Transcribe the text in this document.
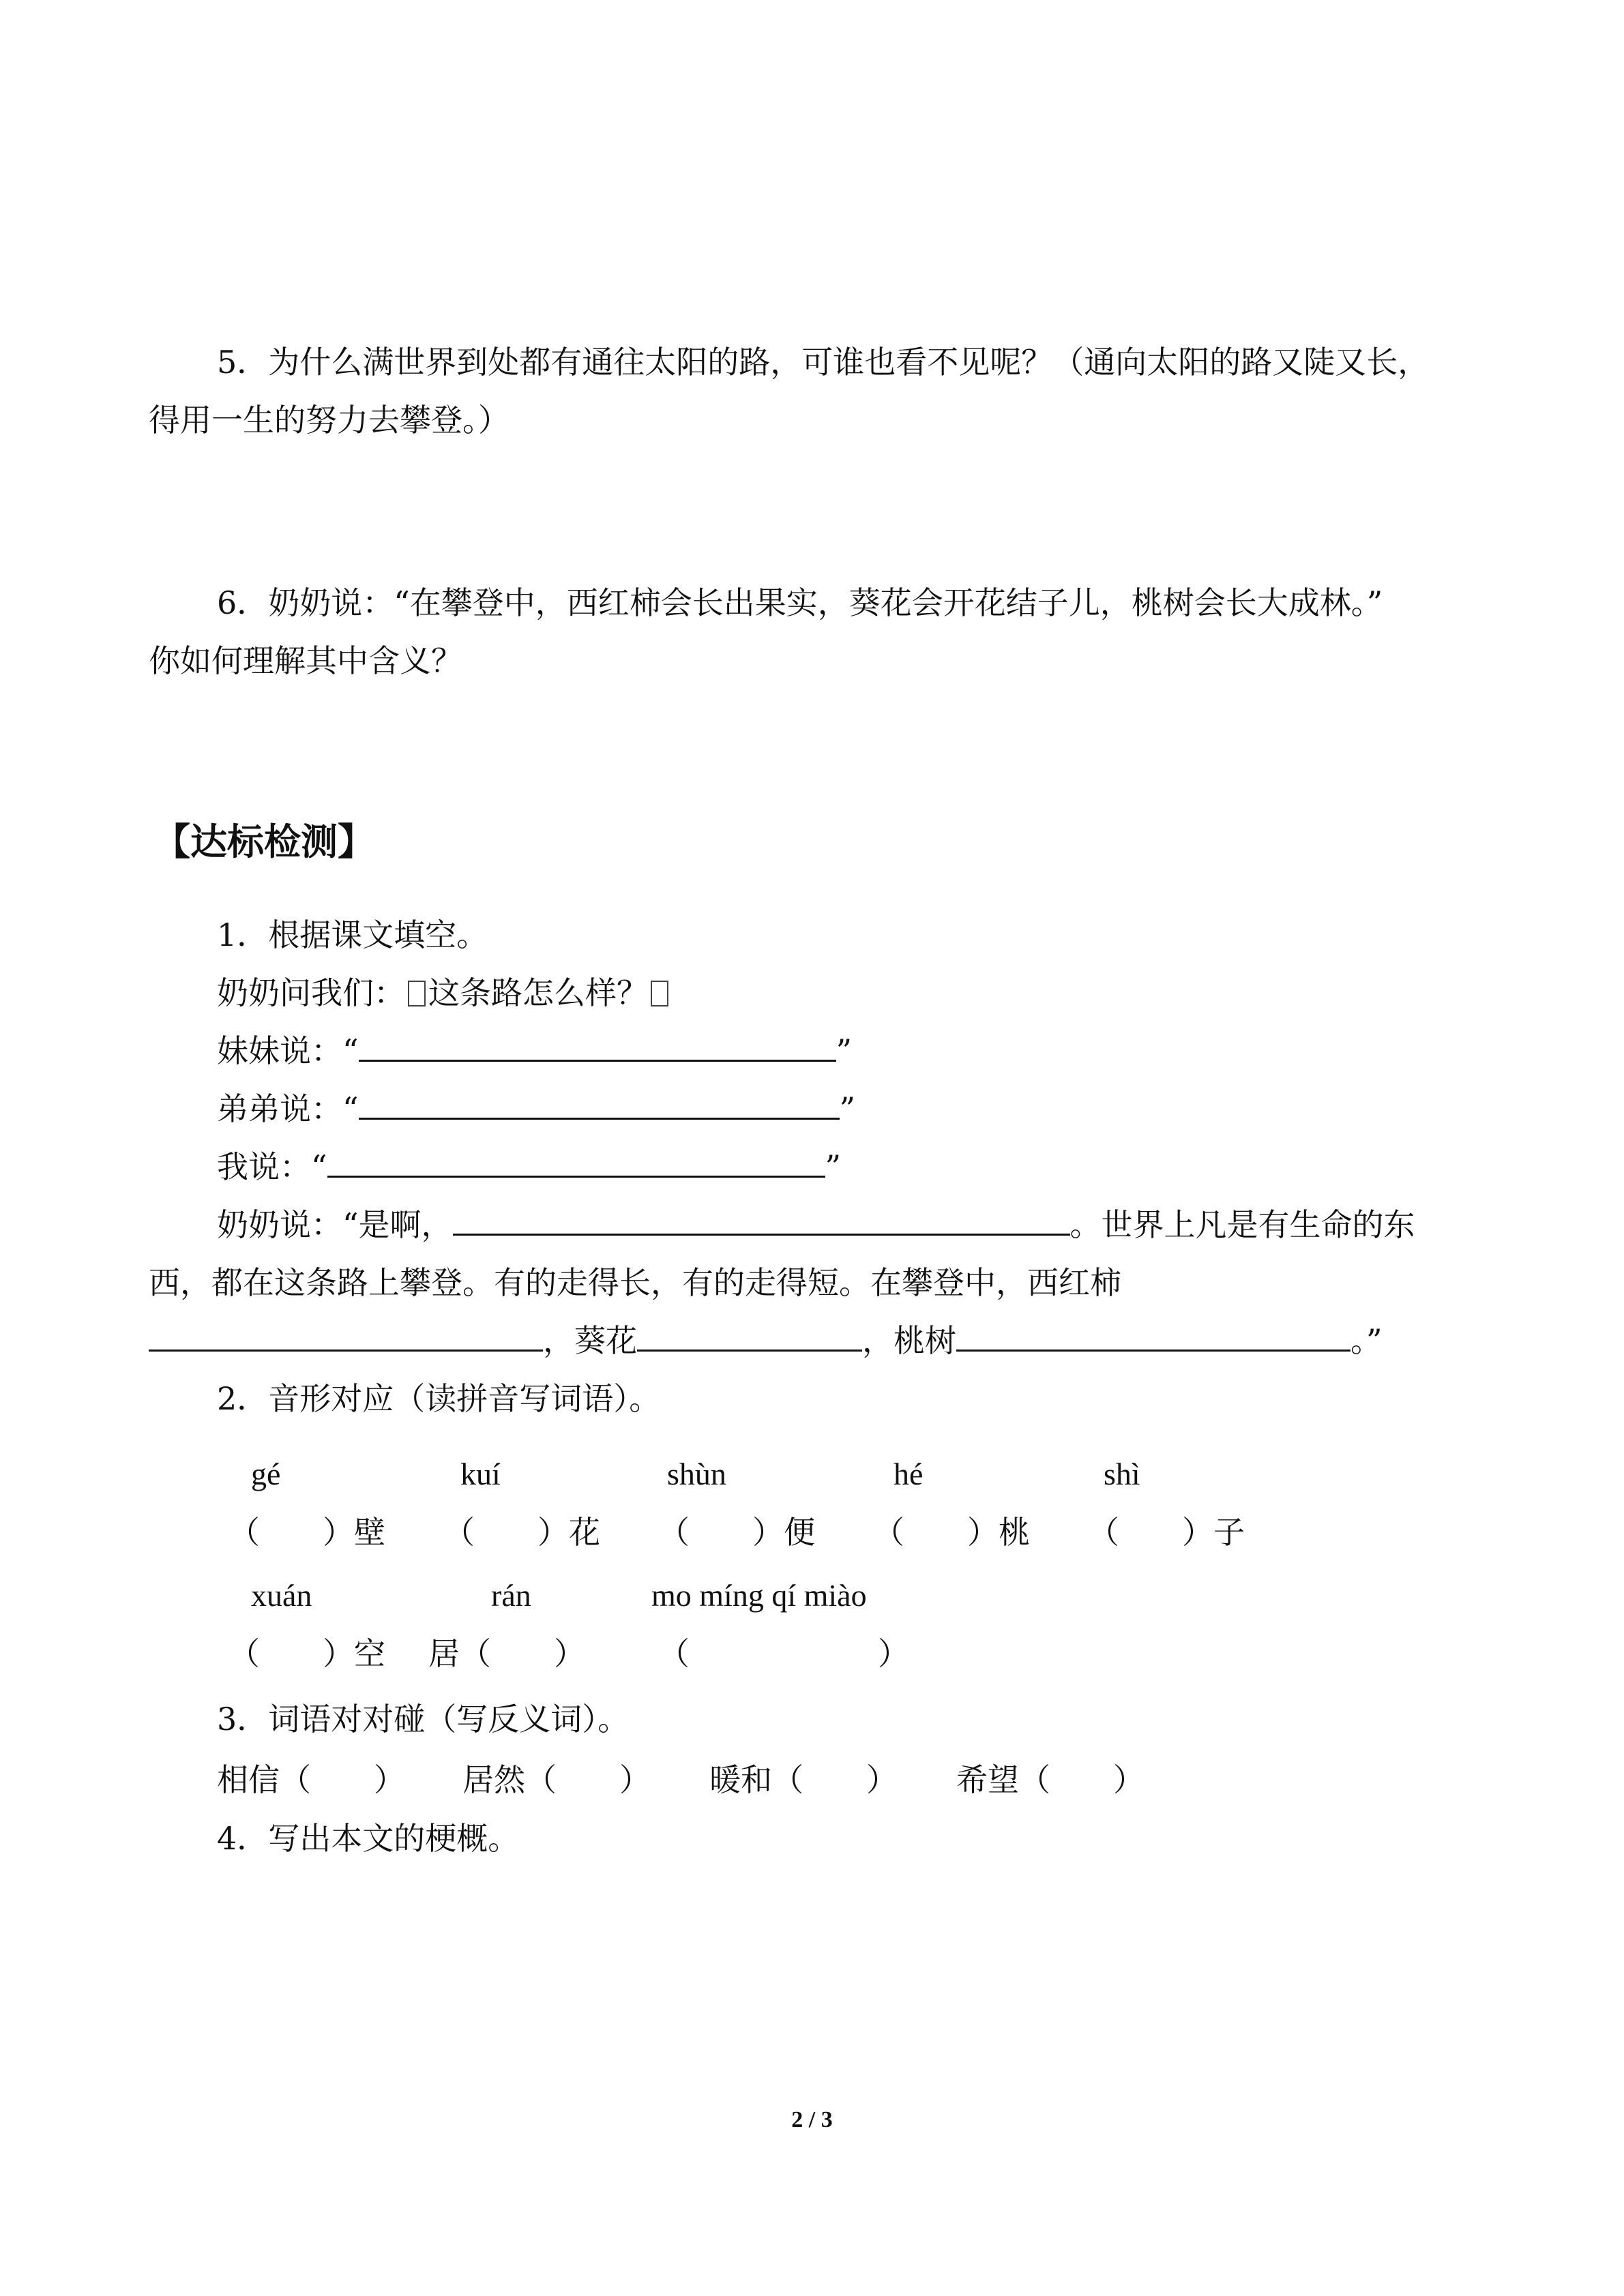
5．为什么满世界到处都有通往太阳的路，可谁也看不见呢？（通向太阳的路又陡又长，
得用一生的努力去攀登。）
6．奶奶说：“在攀登中，西红柿会长出果实，葵花会开花结子儿，桃树会长大成林。”
你如何理解其中含义？
【达标检测】
1．根据课文填空。
奶奶问我们： 这条路怎么样？
妹妹说：“	”
弟弟说：“	”
我说：“	”
奶奶说：“是啊，	。世界上凡是有生命的东
西，都在这条路上攀登。有的走得长，有的走得短。在攀登中，西红柿
，葵花	，桃树	。”
2．音形对应（读拼音写词语）。
gé	kuí	shùn	hé	shì
（　　）壁 （　　）花 （　　）便 （　　）桃 （　　）子
xuán	rán	mo míng qí miào
（　　）空 居（　　） （　　　　　　）
3．词语对对碰（写反义词）。
相信（　　） 居然（　　） 暖和（　　） 希望（　　）
4．写出本文的梗概。
2 / 3
